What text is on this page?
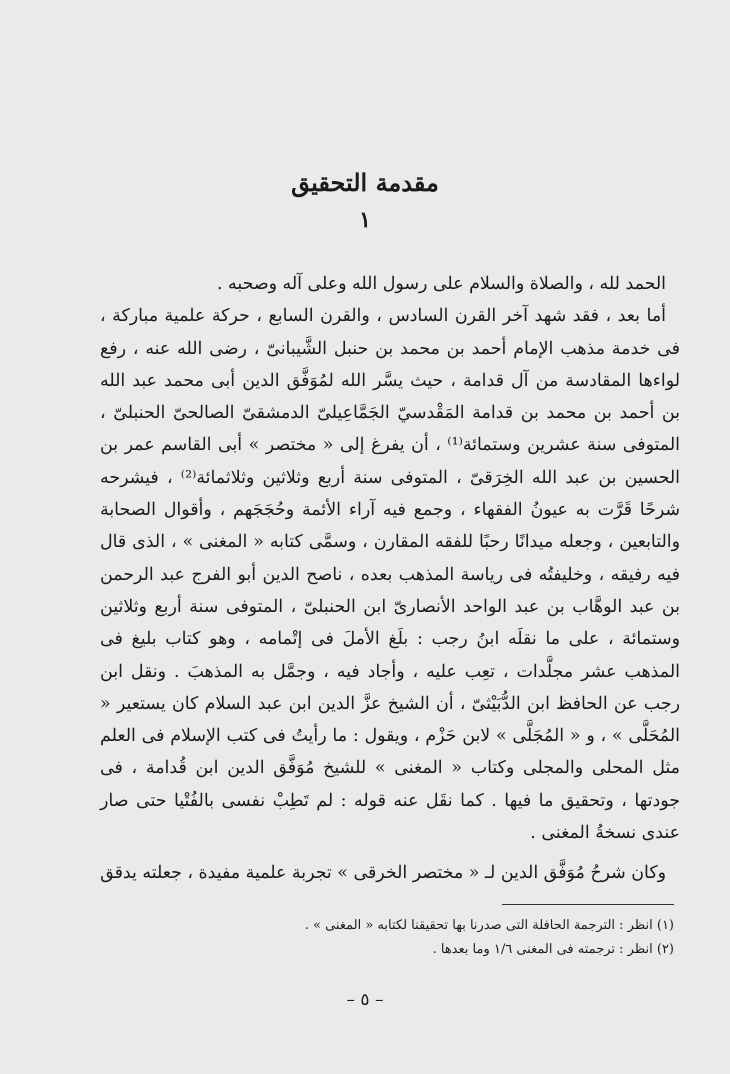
مقدمة التحقيق
١

الحمد لله ، والصلاة والسلام على رسول الله وعلى آله وصحبه .

أما بعد ، فقد شهد آخر القرن السادس ، والقرن السابع ، حركة علمية مباركة ، فى خدمة مذهب الإمام أحمد بن محمد بن حنبل الشَّيبانىّ ، رضى الله عنه ، رفع لواءها المقادسة من آل قدامة ، حيث يسَّر الله لمُوَفَّق الدين أبى محمد عبد الله بن أحمد بن محمد بن قدامة المَقْدسيّ الجَمَّاعِيلىّ الدمشقىّ الصالحىّ الحنبلىّ ، المتوفى سنة عشرين وستمائة⁽¹⁾ ، أن يفرغ إلى « مختصر » أبى القاسم عمر بن الحسين بن عبد الله الخِرَقىّ ، المتوفى سنة أربع وثلاثين وثلاثمائة⁽²⁾ ، فيشرحه شرحًا قَرَّت به عيونُ الفقهاء ، وجمع فيه آراء الأئمة وحُجَجَهم ، وأقوال الصحابة والتابعين ، وجعله ميدانًا رحبًا للفقه المقارن ، وسمَّى كتابه « المغنى » ، الذى قال فيه رفيقه ، وخليفتُه فى رياسة المذهب بعده ، ناصح الدين أبو الفرج عبد الرحمن بن عبد الوهَّاب بن عبد الواحد الأنصارىّ ابن الحنبلىّ ، المتوفى سنة أربع وثلاثين وستمائة ، على ما نقلَه ابنُ رجب : بلَغ الأملَ فى إتْمامه ، وهو كتاب بليغ فى المذهب عشر مجلَّدات ، تعِب عليه ، وأجاد فيه ، وجمَّل به المذهبَ . ونقل ابن رجب عن الحافظ ابن الدُّبَيْثىّ ، أن الشيخ عزَّ الدين ابن عبد السلام كان يستعير « المُحَلَّى » ، و « المُجَلَّى » لابن حَزْم ، ويقول : ما رأيتُ فى كتب الإسلام فى العلم مثل المحلى والمجلى وكتاب « المغنى » للشيخ مُوَفَّق الدين ابن قُدامة ، فى جودتها ، وتحقيق ما فيها . كما نقَل عنه قوله : لم تَطِبْ نفسى بالفُتْيا حتى صار عندى نسخةُ المغنى .

وكان شرحُ مُوَفَّق الدين لـ « مختصر الخرقى » تجربة علمية مفيدة ، جعلته يدقق

(١) انظر : الترجمة الحافلة التى صدرنا بها تحقيقنا لكتابه « المغنى » .
(٢) انظر : ترجمته فى المغنى ١/٦ وما بعدها .
– ٥ –
